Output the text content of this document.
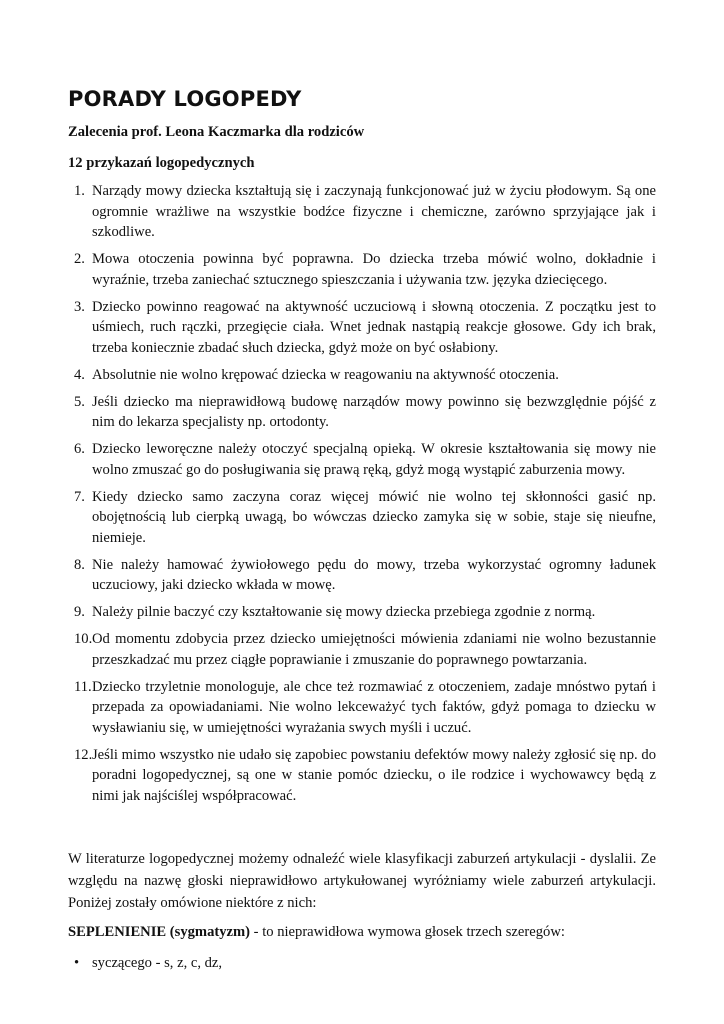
PORADY LOGOPEDY

Zalecenia prof. Leona Kaczmarka dla rodziców

12 przykazań logopedycznych

1. Narządy mowy dziecka kształtują się i zaczynają funkcjonować już w życiu płodowym. Są one ogromnie wrażliwe na wszystkie bodźce fizyczne i chemiczne, zarówno sprzyjające jak i szkodliwe.
2. Mowa otoczenia powinna być poprawna. Do dziecka trzeba mówić wolno, dokładnie i wyraźnie, trzeba zaniechać sztucznego spieszczania i używania tzw. języka dziecięcego.
3. Dziecko powinno reagować na aktywność uczuciową i słowną otoczenia. Z początku jest to uśmiech, ruch rączki, przegięcie ciała. Wnet jednak nastąpią reakcje głosowe. Gdy ich brak, trzeba koniecznie zbadać słuch dziecka, gdyż może on być osłabiony.
4. Absolutnie nie wolno krępować dziecka w reagowaniu na aktywność otoczenia.
5. Jeśli dziecko ma nieprawidłową budowę narządów mowy powinno się bezwzględnie pójść z nim do lekarza specjalisty np. ortodonty.
6. Dziecko leworęczne należy otoczyć specjalną opieką. W okresie kształtowania się mowy nie wolno zmuszać go do posługiwania się prawą ręką, gdyż mogą wystąpić zaburzenia mowy.
7. Kiedy dziecko samo zaczyna coraz więcej mówić nie wolno tej skłonności gasić np. obojętnością lub cierpką uwagą, bo wówczas dziecko zamyka się w sobie, staje się nieufne, niemieje.
8. Nie należy hamować żywiołowego pędu do mowy, trzeba wykorzystać ogromny ładunek uczuciowy, jaki dziecko wkłada w mowę.
9. Należy pilnie baczyć czy kształtowanie się mowy dziecka przebiega zgodnie z normą.
10. Od momentu zdobycia przez dziecko umiejętności mówienia zdaniami nie wolno bezustannie przeszkadzać mu przez ciągłe poprawianie i zmuszanie do poprawnego powtarzania.
11. Dziecko trzyletnie monologuje, ale chce też rozmawiać z otoczeniem, zadaje mnóstwo pytań i przepada za opowiadaniami. Nie wolno lekceważyć tych faktów, gdyż pomaga to dziecku w wysławianiu się, w umiejętności wyrażania swych myśli i uczuć.
12. Jeśli mimo wszystko nie udało się zapobiec powstaniu defektów mowy należy zgłosić się np. do poradni logopedycznej, są one w stanie pomóc dziecku, o ile rodzice i wychowawcy będą z nimi jak najściślej współpracować.

W literaturze logopedycznej możemy odnaleźć wiele klasyfikacji zaburzeń artykulacji - dyslalii. Ze względu na nazwę głoski nieprawidłowo artykułowanej wyróżniamy wiele zaburzeń artykulacji. Poniżej zostały omówione niektóre z nich:

SEPLENIENIE (sygmatyzm) - to nieprawidłowa wymowa głosek trzech szeregów:

• syczącego - s, z, c, dz,
